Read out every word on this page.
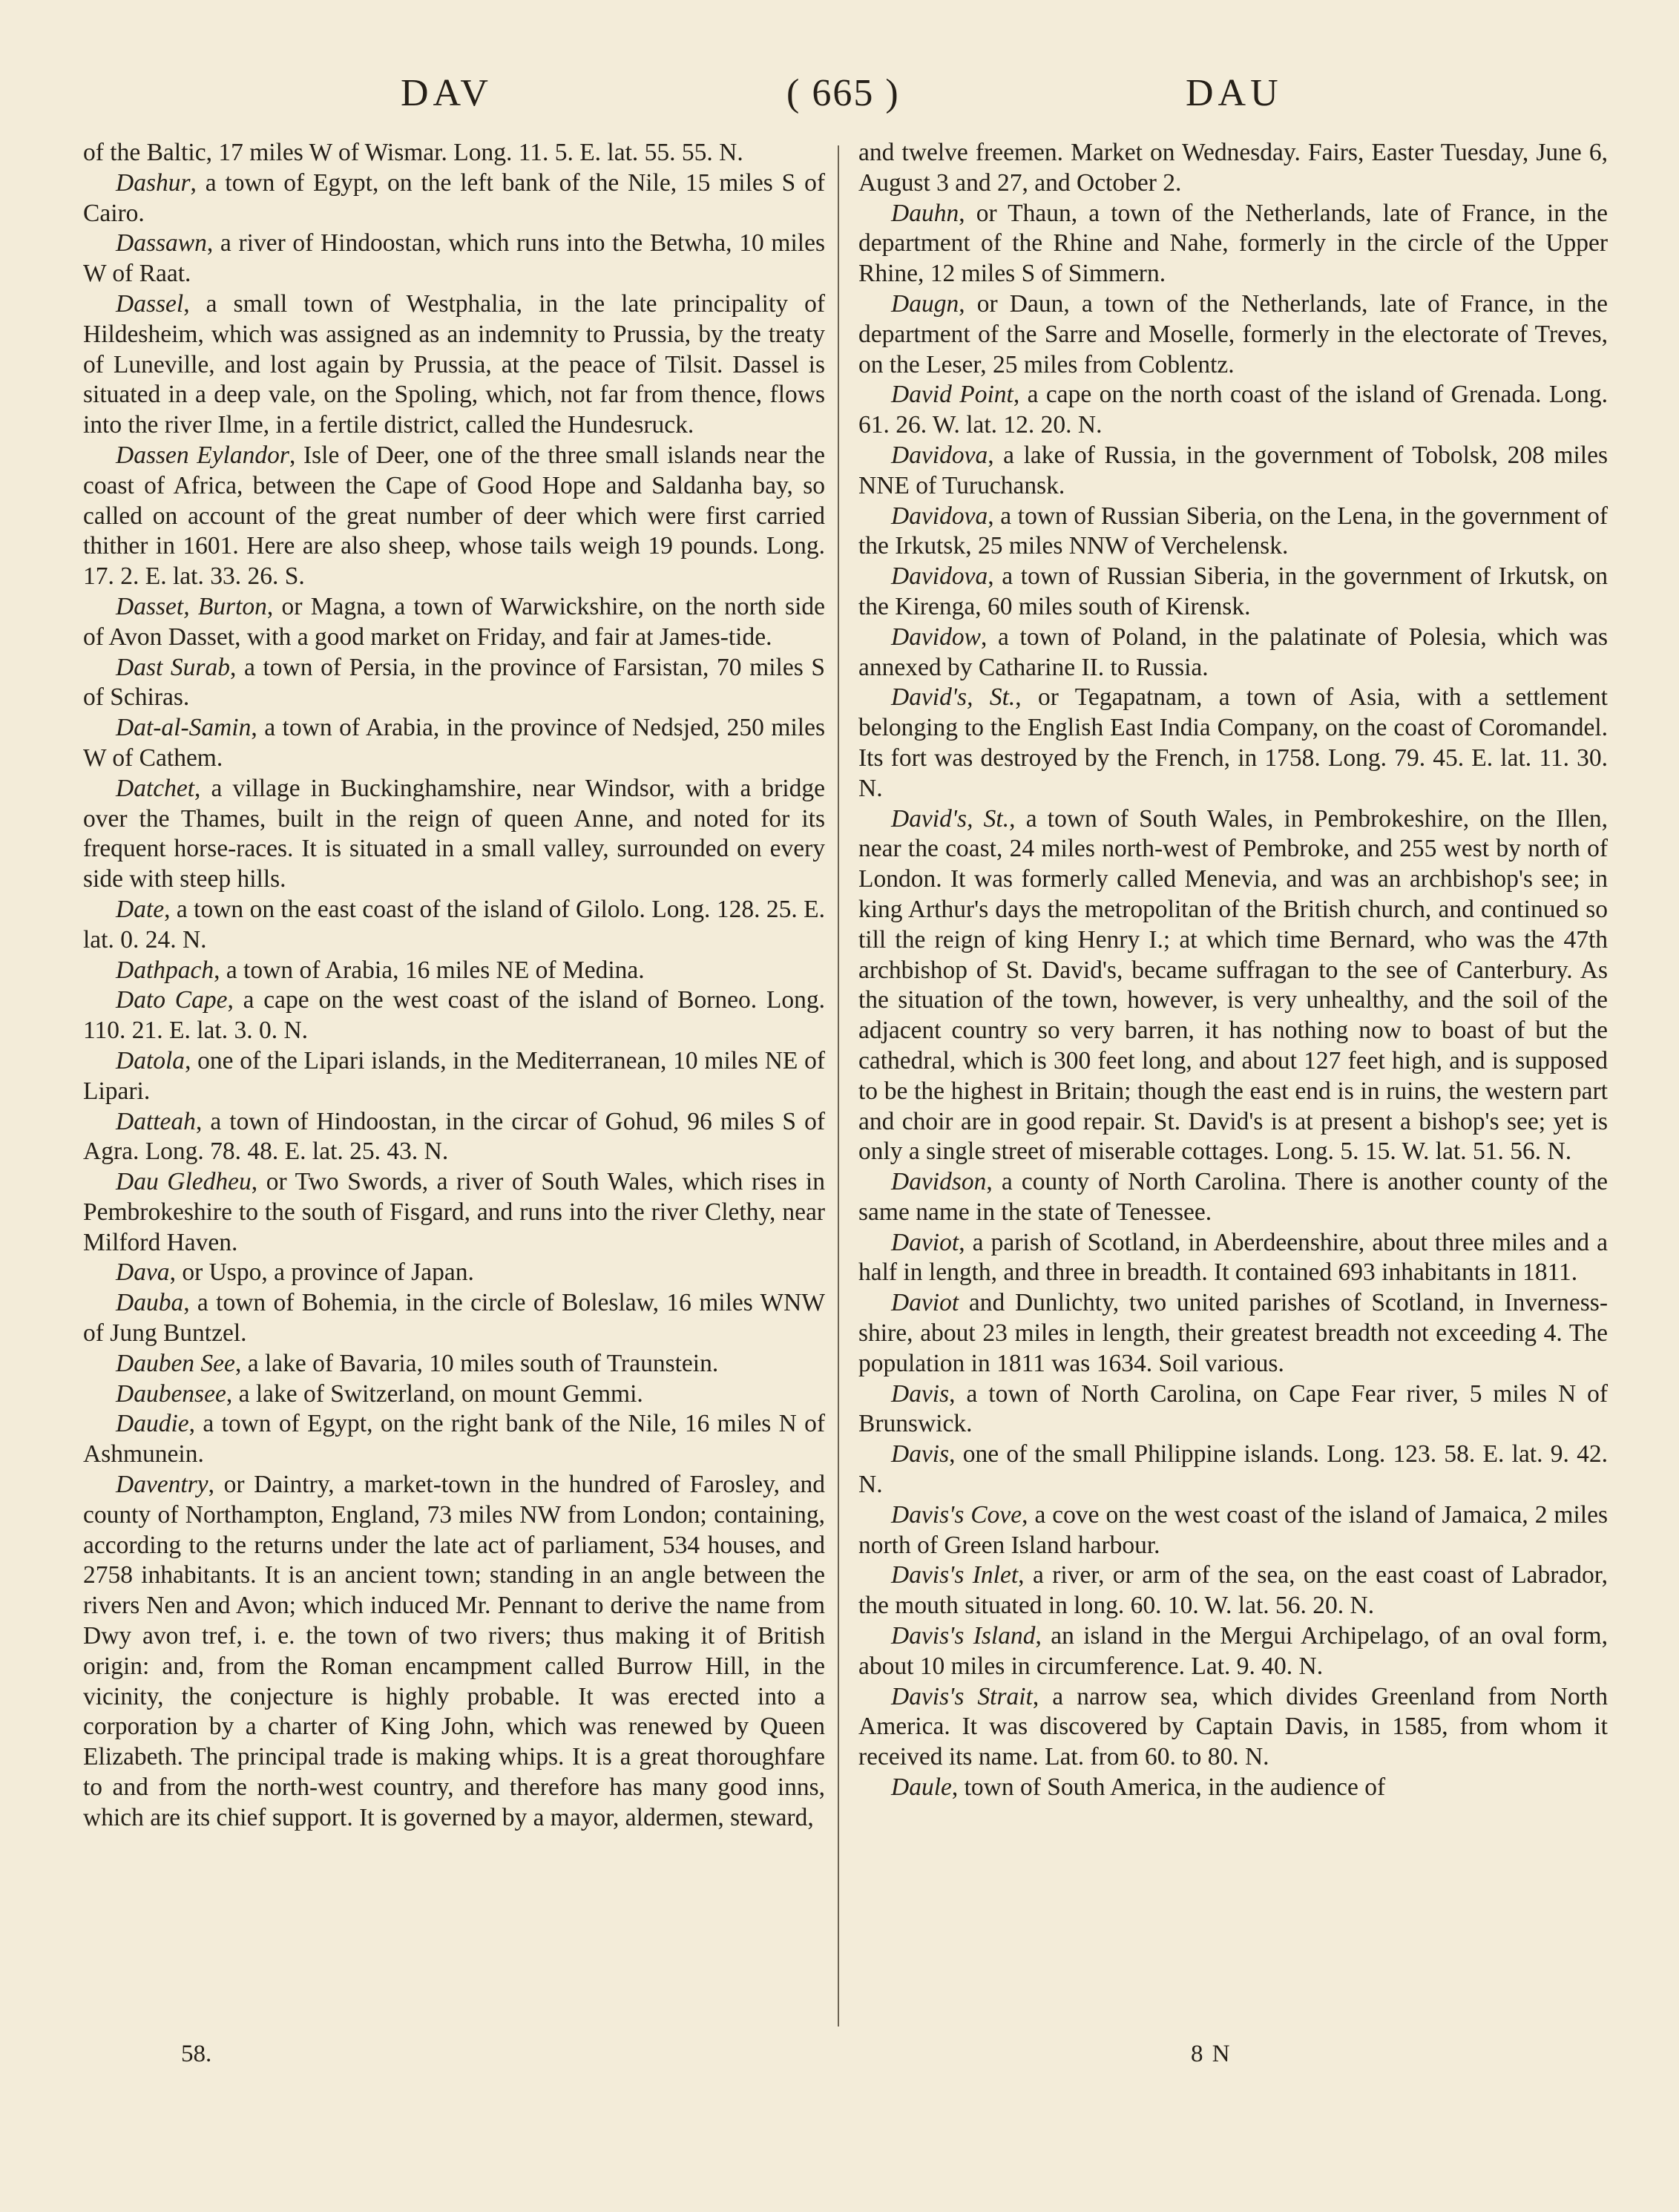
DAV	( 665 )	DAU

of the Baltic, 17 miles W of Wismar. Long. 11. 5. E. lat. 55. 55. N.

Dashur, a town of Egypt, on the left bank of the Nile, 15 miles S of Cairo.

Dassawn, a river of Hindoostan, which runs into the Betwha, 10 miles W of Raat.

Dassel, a small town of Westphalia, in the late principality of Hildesheim, which was assigned as an indemnity to Prussia, by the treaty of Luneville, and lost again by Prussia, at the peace of Tilsit. Dassel is situated in a deep vale, on the Spoling, which, not far from thence, flows into the river Ilme, in a fertile district, called the Hundesruck.

Dassen Eylandor, Isle of Deer, one of the three small islands near the coast of Africa, between the Cape of Good Hope and Saldanha bay, so called on account of the great number of deer which were first carried thither in 1601. Here are also sheep, whose tails weigh 19 pounds. Long. 17. 2. E. lat. 33. 26. S.

Dasset, Burton, or Magna, a town of Warwickshire, on the north side of Avon Dasset, with a good market on Friday, and fair at James-tide.

Dast Surab, a town of Persia, in the province of Farsistan, 70 miles S of Schiras.

Dat-al-Samin, a town of Arabia, in the province of Nedsjed, 250 miles W of Cathem.

Datchet, a village in Buckinghamshire, near Windsor, with a bridge over the Thames, built in the reign of queen Anne, and noted for its frequent horse-races. It is situated in a small valley, surrounded on every side with steep hills.

Date, a town on the east coast of the island of Gilolo. Long. 128. 25. E. lat. 0. 24. N.

Dathpach, a town of Arabia, 16 miles NE of Medina.

Dato Cape, a cape on the west coast of the island of Borneo. Long. 110. 21. E. lat. 3. 0. N.

Datola, one of the Lipari islands, in the Mediterranean, 10 miles NE of Lipari.

Datteah, a town of Hindoostan, in the circar of Gohud, 96 miles S of Agra. Long. 78. 48. E. lat. 25. 43. N.

Dau Gledheu, or Two Swords, a river of South Wales, which rises in Pembrokeshire to the south of Fisgard, and runs into the river Clethy, near Milford Haven.

Dava, or Uspo, a province of Japan.

Dauba, a town of Bohemia, in the circle of Boleslaw, 16 miles WNW of Jung Buntzel.

Dauben See, a lake of Bavaria, 10 miles south of Traunstein.

Daubensee, a lake of Switzerland, on mount Gemmi.

Daudie, a town of Egypt, on the right bank of the Nile, 16 miles N of Ashmunein.

Daventry, or Daintry, a market-town in the hundred of Farosley, and county of Northampton, England, 73 miles NW from London; containing, according to the returns under the late act of parliament, 534 houses, and 2758 inhabitants. It is an ancient town; standing in an angle between the rivers Nen and Avon; which induced Mr. Pennant to derive the name from Dwy avon tref, i. e. the town of two rivers; thus making it of British origin: and, from the Roman encampment called Burrow Hill, in the vicinity, the conjecture is highly probable. It was erected into a corporation by a charter of King John, which was renewed by Queen Elizabeth. The principal trade is making whips. It is a great thoroughfare to and from the north-west country, and therefore has many good inns, which are its chief support. It is governed by a mayor, aldermen, steward,

and twelve freemen. Market on Wednesday. Fairs, Easter Tuesday, June 6, August 3 and 27, and October 2.

Dauhn, or Thaun, a town of the Netherlands, late of France, in the department of the Rhine and Nahe, formerly in the circle of the Upper Rhine, 12 miles S of Simmern.

Daugn, or Daun, a town of the Netherlands, late of France, in the department of the Sarre and Moselle, formerly in the electorate of Treves, on the Leser, 25 miles from Coblentz.

David Point, a cape on the north coast of the island of Grenada. Long. 61. 26. W. lat. 12. 20. N.

Davidova, a lake of Russia, in the government of Tobolsk, 208 miles NNE of Turuchansk.

Davidova, a town of Russian Siberia, on the Lena, in the government of the Irkutsk, 25 miles NNW of Verchelensk.

Davidova, a town of Russian Siberia, in the government of Irkutsk, on the Kirenga, 60 miles south of Kirensk.

Davidow, a town of Poland, in the palatinate of Polesia, which was annexed by Catharine II. to Russia.

David's, St., or Tegapatnam, a town of Asia, with a settlement belonging to the English East India Company, on the coast of Coromandel. Its fort was destroyed by the French, in 1758. Long. 79. 45. E. lat. 11. 30. N.

David's, St., a town of South Wales, in Pembrokeshire, on the Illen, near the coast, 24 miles north-west of Pembroke, and 255 west by north of London. It was formerly called Menevia, and was an archbishop's see; in king Arthur's days the metropolitan of the British church, and continued so till the reign of king Henry I.; at which time Bernard, who was the 47th archbishop of St. David's, became suffragan to the see of Canterbury. As the situation of the town, however, is very unhealthy, and the soil of the adjacent country so very barren, it has nothing now to boast of but the cathedral, which is 300 feet long, and about 127 feet high, and is supposed to be the highest in Britain; though the east end is in ruins, the western part and choir are in good repair. St. David's is at present a bishop's see; yet is only a single street of miserable cottages. Long. 5. 15. W. lat. 51. 56. N.

Davidson, a county of North Carolina. There is another county of the same name in the state of Tenessee.

Daviot, a parish of Scotland, in Aberdeenshire, about three miles and a half in length, and three in breadth. It contained 693 inhabitants in 1811.

Daviot and Dunlichty, two united parishes of Scotland, in Inverness-shire, about 23 miles in length, their greatest breadth not exceeding 4. The population in 1811 was 1634. Soil various.

Davis, a town of North Carolina, on Cape Fear river, 5 miles N of Brunswick.

Davis, one of the small Philippine islands. Long. 123. 58. E. lat. 9. 42. N.

Davis's Cove, a cove on the west coast of the island of Jamaica, 2 miles north of Green Island harbour.

Davis's Inlet, a river, or arm of the sea, on the east coast of Labrador, the mouth situated in long. 60. 10. W. lat. 56. 20. N.

Davis's Island, an island in the Mergui Archipelago, of an oval form, about 10 miles in circumference. Lat. 9. 40. N.

Davis's Strait, a narrow sea, which divides Greenland from North America. It was discovered by Captain Davis, in 1585, from whom it received its name. Lat. from 60. to 80. N.

Daule, town of South America, in the audience of

58.	8 N
